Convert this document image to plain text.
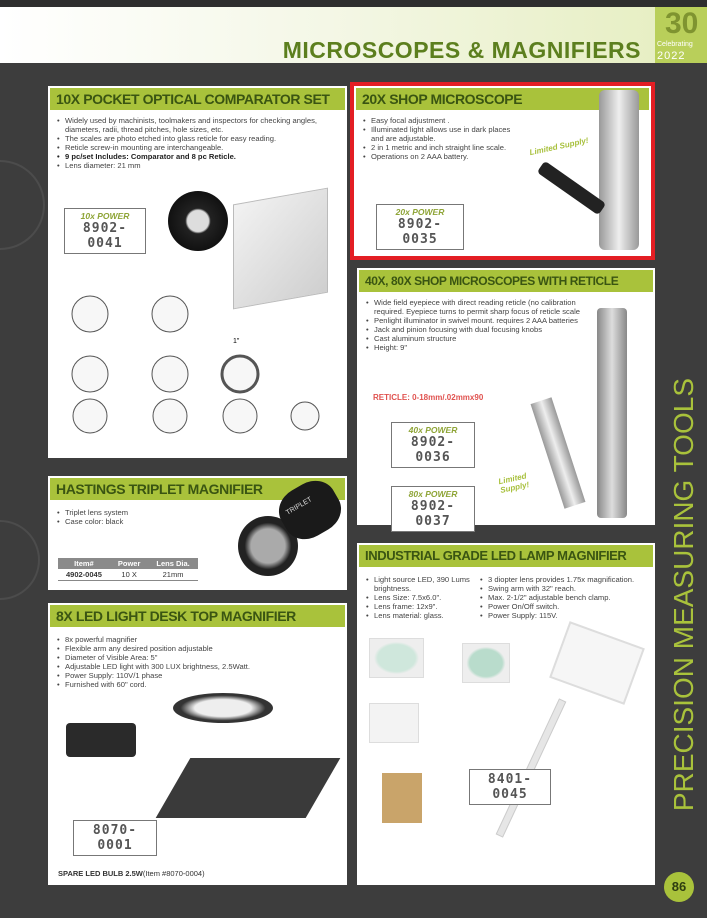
MICROSCOPES & MAGNIFIERS
30
Celebrating
2022
10X POCKET OPTICAL COMPARATOR SET
• Widely used by machinists, toolmakers and inspectors for checking angles, diameters, radii, thread pitches, hole sizes, etc.
• The scales are photo etched into glass reticle for easy reading.
• Reticle screw-in mounting are interchangeable.
• 9 pc/set Includes: Comparator and 8 pc Reticle.
• Lens diameter: 21 mm
10x POWER
8902-0041
1"
20X SHOP MICROSCOPE
• Easy focal adjustment .
• Illuminated light allows use in dark places and are adjustable.
• 2 in 1 metric and inch straight line scale.
• Operations on 2 AAA battery.	Limited Supply!
20x POWER
8902-0035
40X, 80X SHOP MICROSCOPES WITH RETICLE
• Wide field eyepiece with direct reading reticle (no calibration required. Eyepiece turns to permit sharp focus of reticle scale
• Penlight illuminator in swivel mount. requires 2 AAA batteries
• Jack and pinion focusing with dual focusing knobs
• Cast aluminum structure
• Height: 9"
RETICLE: 0-18mm/.02mmx90
40x POWER
8902-0036
80x POWER
8902-0037
Limited Supply!
HASTINGS TRIPLET MAGNIFIER
• Triplet lens system
• Case color: black
Item#	Power	Lens Dia.
4902-0045	10 X	21mm
TRIPLET
8X LED LIGHT DESK TOP MAGNIFIER
• 8x powerful magnifier
• Flexible arm any desired position adjustable
• Diameter of Visible Area: 5"
• Adjustable LED light with 300 LUX brightness, 2.5Watt.
• Power Supply: 110V/1 phase
• Furnished with 60" cord.
8070-0001
SPARE LED BULB 2.5W(Item #8070-0004)
INDUSTRIAL GRADE LED LAMP MAGNIFIER
• Light source LED, 390 Lums brightness.
• Lens Size: 7.5x6.0".
• Lens frame: 12x9".
• Lens material: glass.
• 3 diopter lens provides 1.75x magnification.
• Swing arm with 32" reach.
• Max. 2-1/2" adjustable bench clamp.
• Power On/Off switch.
• Power Supply: 115V.
8401-0045	PRECISION MEASURING TOOLS
86
